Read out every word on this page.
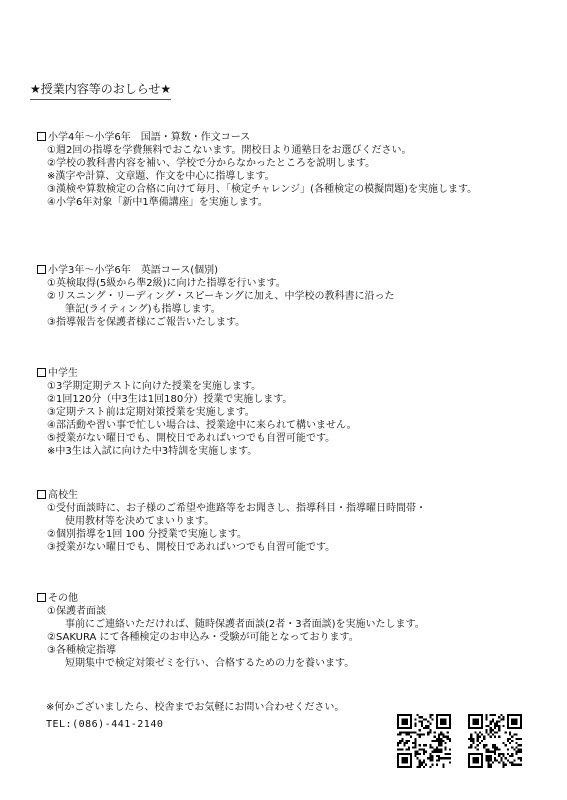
★授業内容等のおしらせ★
小学4年～小学6年　国語・算数・作文コース
①週2回の指導を学費無料でおこないます。開校日より通塾日をお選びください。
②学校の教科書内容を補い、学校で分からなかったところを説明します。
※漢字や計算、文章題、作文を中心に指導します。
③漢検や算数検定の合格に向けて毎月、「検定チャレンジ」(各種検定の模擬問題)を実施します。
④小学6年対象「新中1準備講座」を実施します。
小学3年～小学6年　英語コース(個別)
①英検取得(5級から準2級)に向けた指導を行います。
②リスニング・リーディング・スピーキングに加え、中学校の教科書に沿った
筆記(ライティング)も指導します。
③指導報告を保護者様にご報告いたします。
中学生
①3学期定期テストに向けた授業を実施します。
②1回120分（中3生は1回180分）授業で実施します。
③定期テスト前は定期対策授業を実施します。
④部活動や習い事で忙しい場合は、授業途中に来られて構いません。
⑤授業がない曜日でも、開校日であればいつでも自習可能です。
※中3生は入試に向けた中3特訓を実施します。
高校生
①受付面談時に、お子様のご希望や進路等をお聞きし、指導科目・指導曜日時間帯・
使用教材等を決めてまいります。
②個別指導を1回 100 分授業で実施します。
③授業がない曜日でも、開校日であればいつでも自習可能です。
その他
①保護者面談
事前にご連絡いただければ、随時保護者面談(2者・3者面談)を実施いたします。
②SAKURA にて各種検定のお申込み・受験が可能となっております。
③各種検定指導
短期集中で検定対策ゼミを行い、合格するための力を養います。
※何かございましたら、校舎までお気軽にお問い合わせください。
TEL:(086)-441-2140
